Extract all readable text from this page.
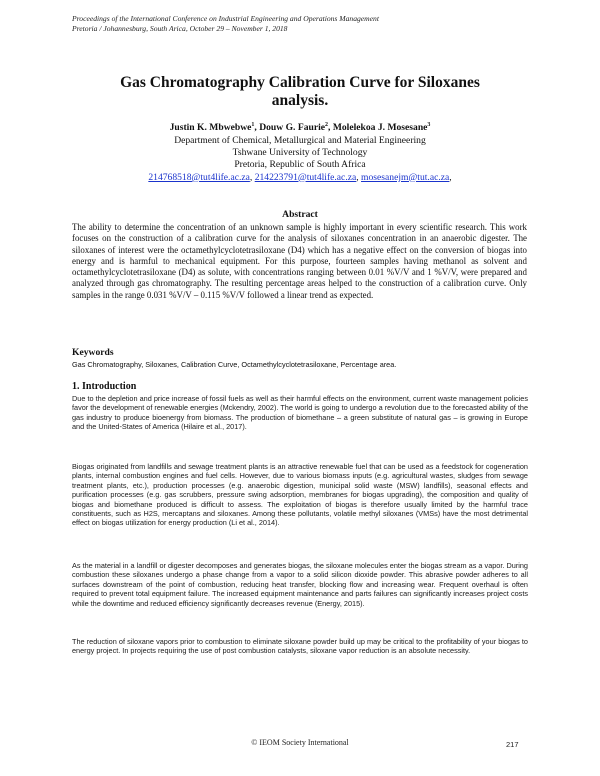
Proceedings of the International Conference on Industrial Engineering and Operations Management
Pretoria / Johannesburg, South Arica, October 29 – November 1, 2018
Gas Chromatography Calibration Curve for Siloxanes
analysis.
Justin K. Mbwebwe$^1$, Douw G. Faurie$^2$, Molelekoa J. Mosesane$^3$
Department of Chemical, Metallurgical and Material Engineering
Tshwane University of Technology
Pretoria, Republic of South Africa
214768518@tut4life.ac.za, 214223791@tut4life.ac.za, mosesanejm@tut.ac.za,
Abstract
The ability to determine the concentration of an unknown sample is highly important in every scientific research. This work focuses on the construction of a calibration curve for the analysis of siloxanes concentration in an anaerobic digester. The siloxanes of interest were the octamethylcyclotetrasiloxane (D4) which has a negative effect on the conversion of biogas into energy and is harmful to mechanical equipment. For this purpose, fourteen samples having methanol as solvent and octamethylcyclotetrasiloxane (D4) as solute, with concentrations ranging between 0.01 %V/V and 1 %V/V, were prepared and analyzed through gas chromatography. The resulting percentage areas helped to the construction of a calibration curve. Only samples in the range 0.031 %V/V – 0.115 %V/V followed a linear trend as expected.
Keywords
Gas Chromatography, Siloxanes, Calibration Curve, Octamethylcyclotetrasiloxane, Percentage area.
1. Introduction
Due to the depletion and price increase of fossil fuels as well as their harmful effects on the environment, current waste management policies favor the development of renewable energies (Mckendry, 2002). The world is going to undergo a revolution due to the forecasted ability of the gas industry to produce bioenergy from biomass. The production of biomethane – a green substitute of natural gas – is growing in Europe and the United-States of America (Hilaire et al., 2017).
Biogas originated from landfills and sewage treatment plants is an attractive renewable fuel that can be used as a feedstock for cogeneration plants, internal combustion engines and fuel cells. However, due to various biomass inputs (e.g. agricultural wastes, sludges from sewage treatment plants, etc.), production processes (e.g. anaerobic digestion, municipal solid waste (MSW) landfills), seasonal effects and purification processes (e.g. gas scrubbers, pressure swing adsorption, membranes for biogas upgrading), the composition and quality of biogas and biomethane produced is difficult to assess. The exploitation of biogas is therefore usually limited by the harmful trace constituents, such as H2S, mercaptans and siloxanes. Among these pollutants, volatile methyl siloxanes (VMSs) have the most detrimental effect on biogas utilization for energy production (Li et al., 2014).
As the material in a landfill or digester decomposes and generates biogas, the siloxane molecules enter the biogas stream as a vapor. During combustion these siloxanes undergo a phase change from a vapor to a solid silicon dioxide powder. This abrasive powder adheres to all surfaces downstream of the point of combustion, reducing heat transfer, blocking flow and increasing wear. Frequent overhaul is often required to prevent total equipment failure. The increased equipment maintenance and parts failures can significantly increases project costs while the downtime and reduced efficiency significantly decreases revenue (Energy, 2015).
The reduction of siloxane vapors prior to combustion to eliminate siloxane powder build up may be critical to the profitability of your biogas to energy project. In projects requiring the use of post combustion catalysts, siloxane vapor reduction is an absolute necessity.
© IEOM Society International	217
